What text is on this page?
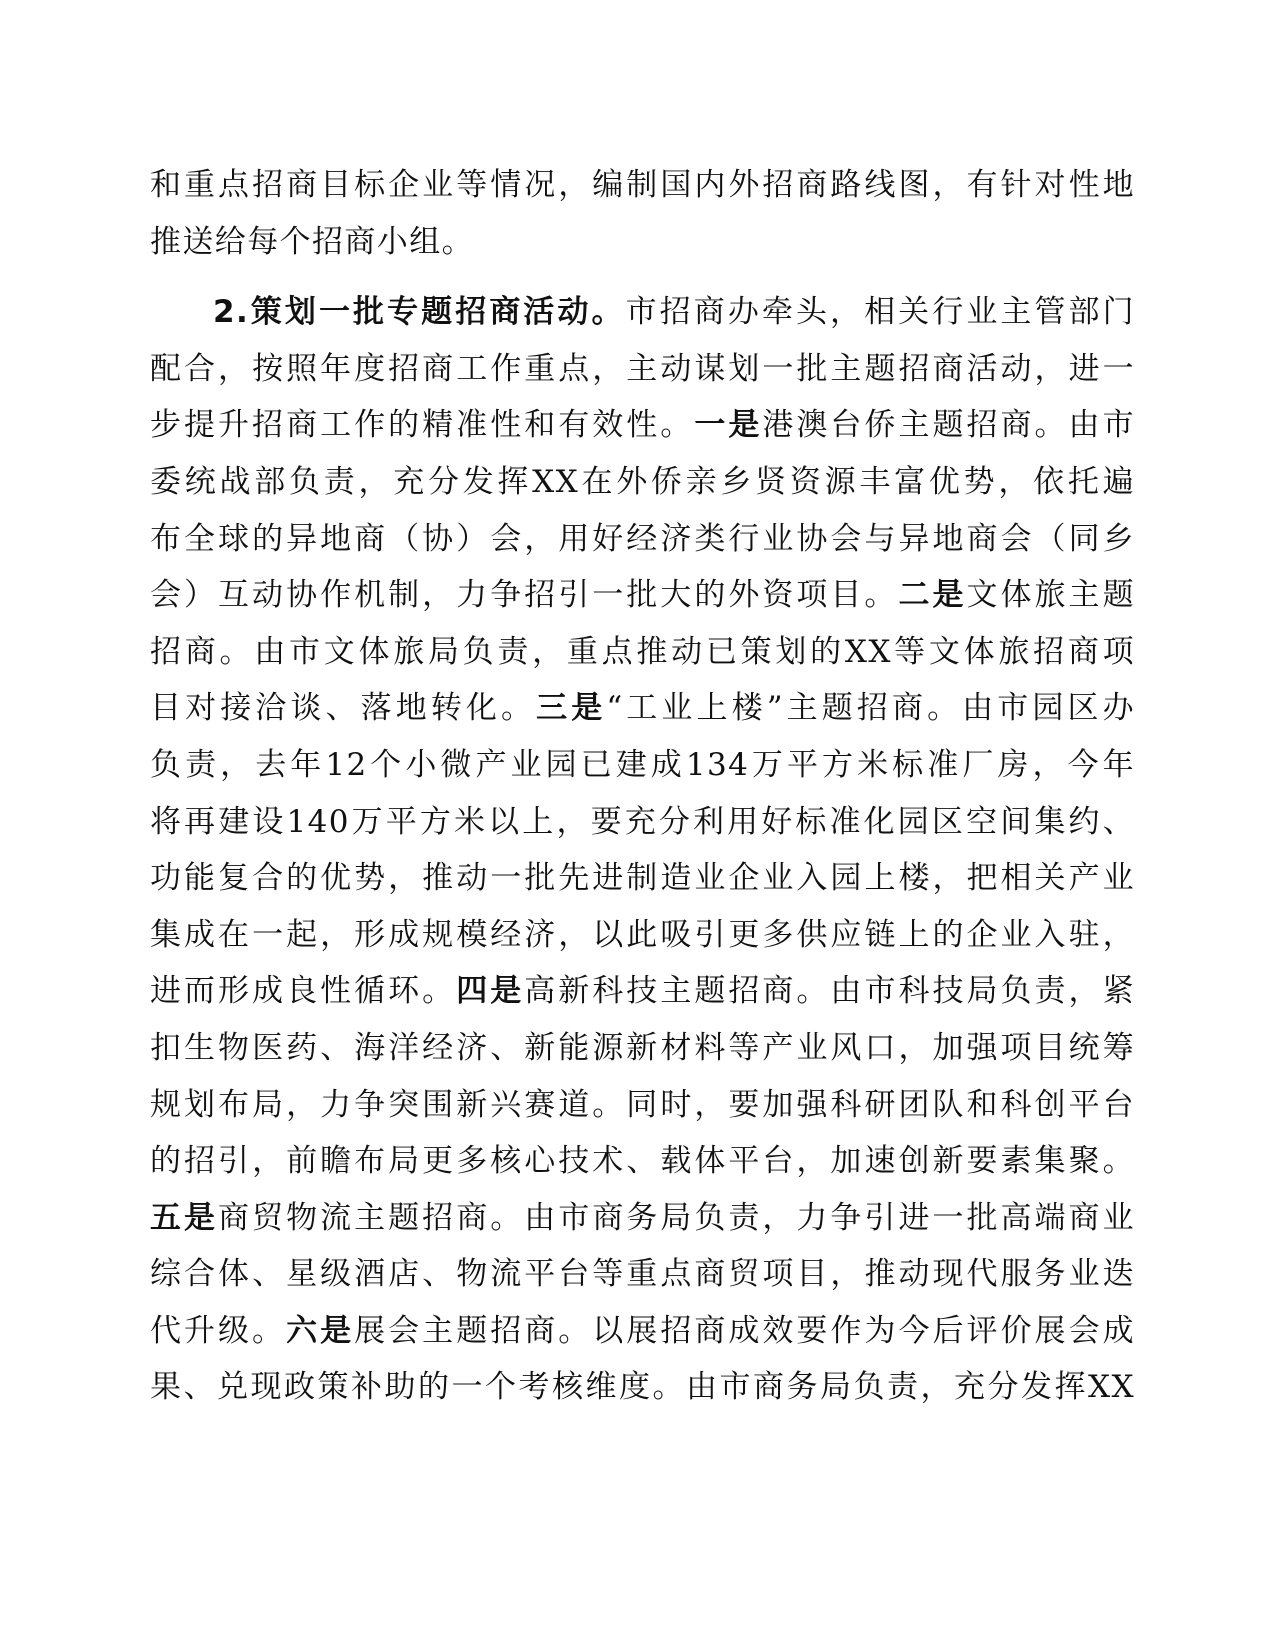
和重点招商目标企业等情况，编制国内外招商路线图，有针对性地
推送给每个招商小组。
2.策划一批专题招商活动。市招商办牵头，相关行业主管部门
配合，按照年度招商工作重点，主动谋划一批主题招商活动，进一
步提升招商工作的精准性和有效性。一是港澳台侨主题招商。由市
委统战部负责，充分发挥XX在外侨亲乡贤资源丰富优势，依托遍
布全球的异地商（协）会，用好经济类行业协会与异地商会（同乡
会）互动协作机制，力争招引一批大的外资项目。二是文体旅主题
招商。由市文体旅局负责，重点推动已策划的XX等文体旅招商项
目对接洽谈、落地转化。三是“工业上楼”主题招商。由市园区办
负责，去年12个小微产业园已建成134万平方米标准厂房，今年
将再建设140万平方米以上，要充分利用好标准化园区空间集约、
功能复合的优势，推动一批先进制造业企业入园上楼，把相关产业
集成在一起，形成规模经济，以此吸引更多供应链上的企业入驻，
进而形成良性循环。四是高新科技主题招商。由市科技局负责，紧
扣生物医药、海洋经济、新能源新材料等产业风口，加强项目统筹
规划布局，力争突围新兴赛道。同时，要加强科研团队和科创平台
的招引，前瞻布局更多核心技术、载体平台，加速创新要素集聚。
五是商贸物流主题招商。由市商务局负责，力争引进一批高端商业
综合体、星级酒店、物流平台等重点商贸项目，推动现代服务业迭
代升级。六是展会主题招商。以展招商成效要作为今后评价展会成
果、兑现政策补助的一个考核维度。由市商务局负责，充分发挥XX
